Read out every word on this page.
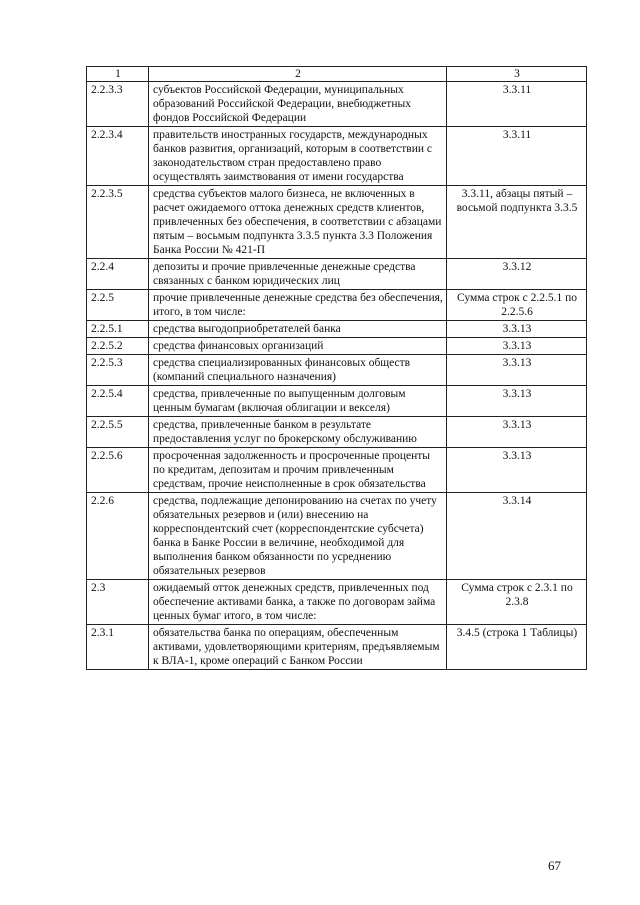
1	2	3
2.2.3.3	субъектов Российской Федерации, муниципальных образований Российской Федерации, внебюджетных фондов Российской Федерации	3.3.11
2.2.3.4	правительств иностранных государств, международных банков развития, организаций, которым в соответствии с законодательством стран предоставлено право осуществлять заимствования от имени государства	3.3.11
2.2.3.5	средства субъектов малого бизнеса, не включенных в расчет ожидаемого оттока денежных средств клиентов, привлеченных без обеспечения, в соответствии с абзацами пятым – восьмым подпункта 3.3.5 пункта 3.3 Положения Банка России № 421-П	3.3.11, абзацы пятый – восьмой подпункта 3.3.5
2.2.4	депозиты и прочие привлеченные денежные средства связанных с банком юридических лиц	3.3.12
2.2.5	прочие привлеченные денежные средства без обеспечения, итого, в том числе:	Сумма строк с 2.2.5.1 по 2.2.5.6
2.2.5.1	средства выгодоприобретателей банка	3.3.13
2.2.5.2	средства финансовых организаций	3.3.13
2.2.5.3	средства специализированных финансовых обществ (компаний специального назначения)	3.3.13
2.2.5.4	средства, привлеченные по выпущенным долговым ценным бумагам (включая облигации и векселя)	3.3.13
2.2.5.5	средства, привлеченные банком в результате предоставления услуг по брокерскому обслуживанию	3.3.13
2.2.5.6	просроченная задолженность и просроченные проценты по кредитам, депозитам и прочим привлеченным средствам, прочие неисполненные в срок обязательства	3.3.13
2.2.6	средства, подлежащие депонированию на счетах по учету обязательных резервов и (или) внесению на корреспондентский счет (корреспондентские субсчета) банка в Банке России в величине, необходимой для выполнения банком обязанности по усреднению обязательных резервов	3.3.14
2.3	ожидаемый отток денежных средств, привлеченных под обеспечение активами банка, а также по договорам займа ценных бумаг итого, в том числе:	Сумма строк с 2.3.1 по 2.3.8
2.3.1	обязательства банка по операциям, обеспеченным активами, удовлетворяющими критериям, предъявляемым к ВЛА-1, кроме операций с Банком России	3.4.5 (строка 1 Таблицы)
67
